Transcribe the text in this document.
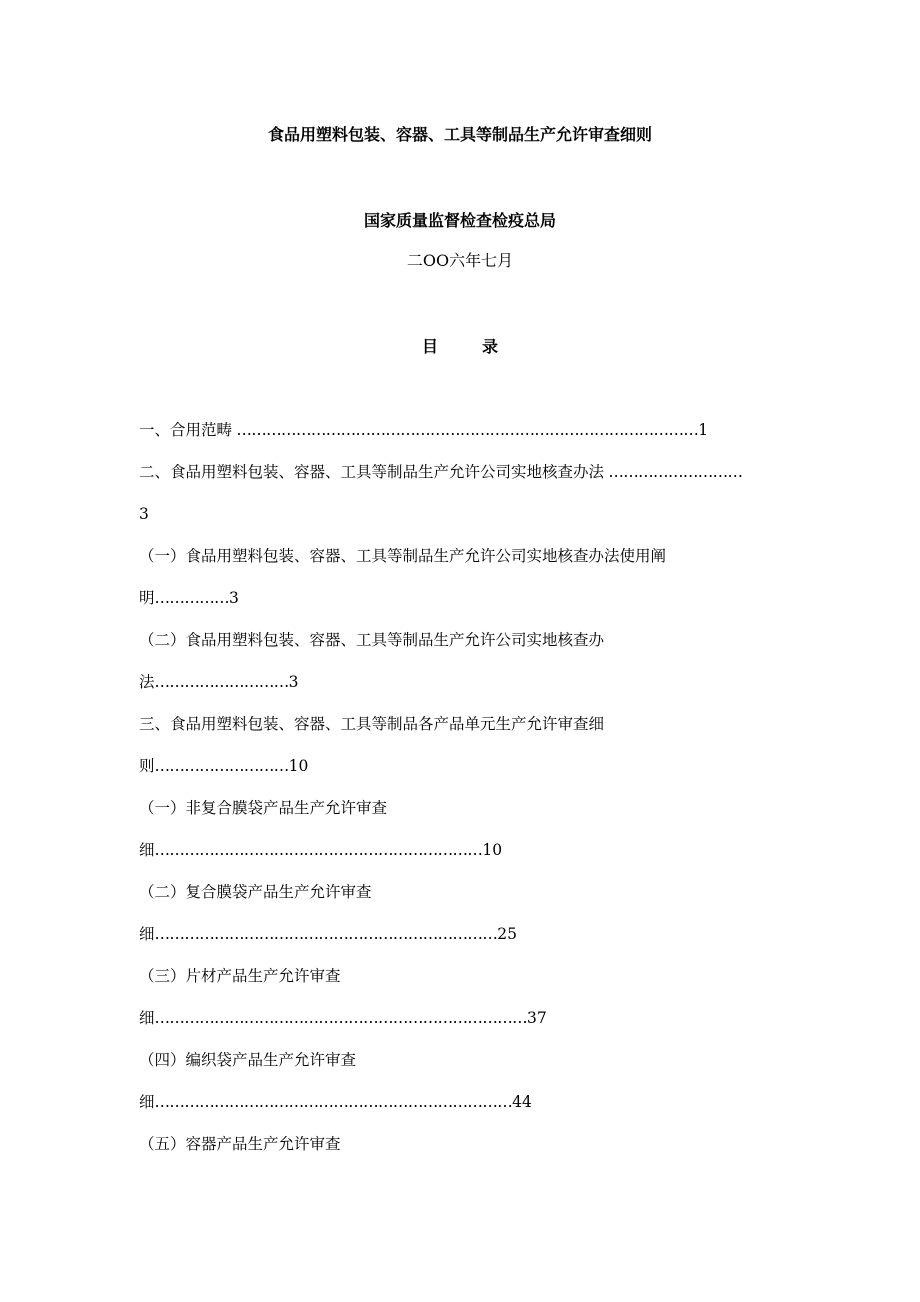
食品用塑料包装、容器、工具等制品生产允许审查细则
国家质量监督检查检疫总局
二OO六年七月
目　录
一、合用范畴 …………………………………………………………………………………1
二、食品用塑料包装、容器、工具等制品生产允许公司实地核查办法 ………………………
3
（一）食品用塑料包装、容器、工具等制品生产允许公司实地核查办法使用阐
明……………3
（二）食品用塑料包装、容器、工具等制品生产允许公司实地核查办
法………………………3
三、食品用塑料包装、容器、工具等制品各产品单元生产允许审查细
则………………………10
（一）非复合膜袋产品生产允许审查
细…………………………………………………………10
（二）复合膜袋产品生产允许审查
细……………………………………………………………25
（三）片材产品生产允许审查
细…………………………………………………………………37
（四）编织袋产品生产允许审查
细………………………………………………………………44
（五）容器产品生产允许审查
